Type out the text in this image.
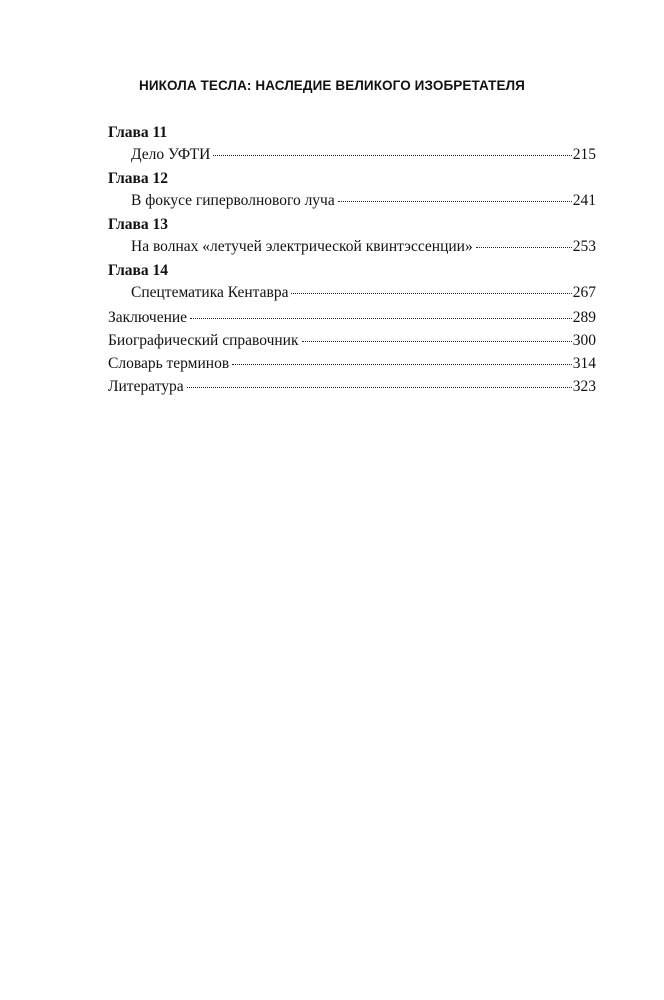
НИКОЛА ТЕСЛА: НАСЛЕДИЕ ВЕЛИКОГО ИЗОБРЕТАТЕЛЯ
Глава 11
Дело УФТИ	215
Глава 12
В фокусе гиперволнового луча	241
Глава 13
На волнах «летучей электрической квинтэссенции»	253
Глава 14
Спецтематика Кентавра	267
Заключение	289
Биографический справочник	300
Словарь терминов	314
Литература	323
